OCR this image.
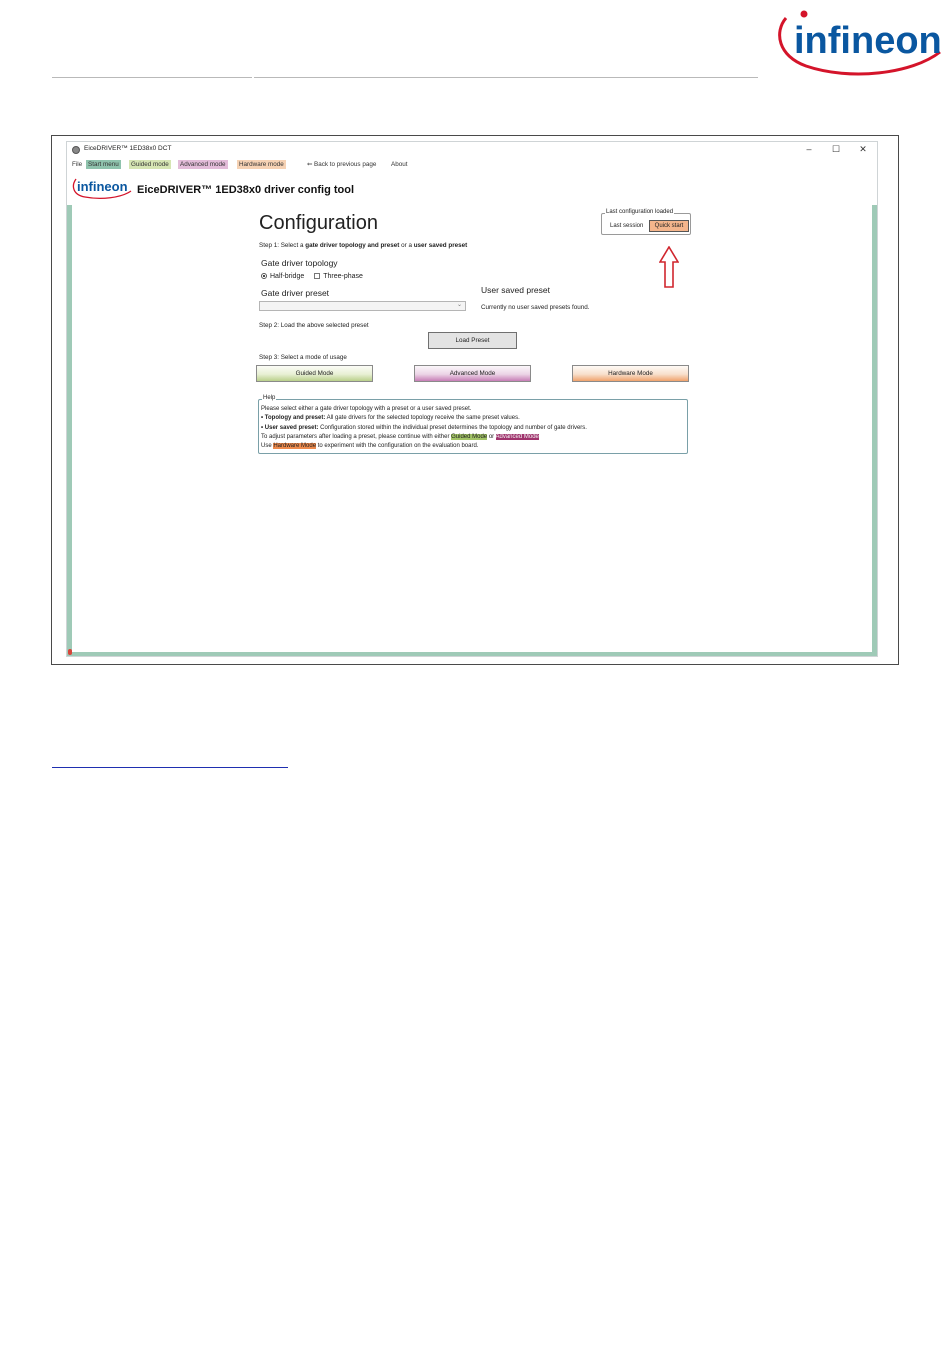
infineon
EiceDRIVER™ 1ED38x0 DCT	–	☐	✕
File Start menu	Guided mode	Advanced mode	Hardware mode	⇐ Back to previous page	About
infineon EiceDRIVER™ 1ED38x0 driver config tool
Configuration	Last configuration loaded
Last session	Quick start
Step 1: Select a gate driver topology and preset or a user saved preset
Gate driver topology
Half-bridge	Three-phase
Gate driver preset
⌄
User saved preset
Currently no user saved presets found.
Step 2: Load the above selected preset
Load Preset
Step 3: Select a mode of usage
Guided Mode	Advanced Mode	Hardware Mode
Help
Please select either a gate driver topology with a preset or a user saved preset.
• Topology and preset: All gate drivers for the selected topology receive the same preset values.
• User saved preset: Configuration stored within the individual preset determines the topology and number of gate drivers.
To adjust parameters after loading a preset, please continue with either Guided Mode or Advanced Mode
Use Hardware Mode to experiment with the configuration on the evaluation board.
